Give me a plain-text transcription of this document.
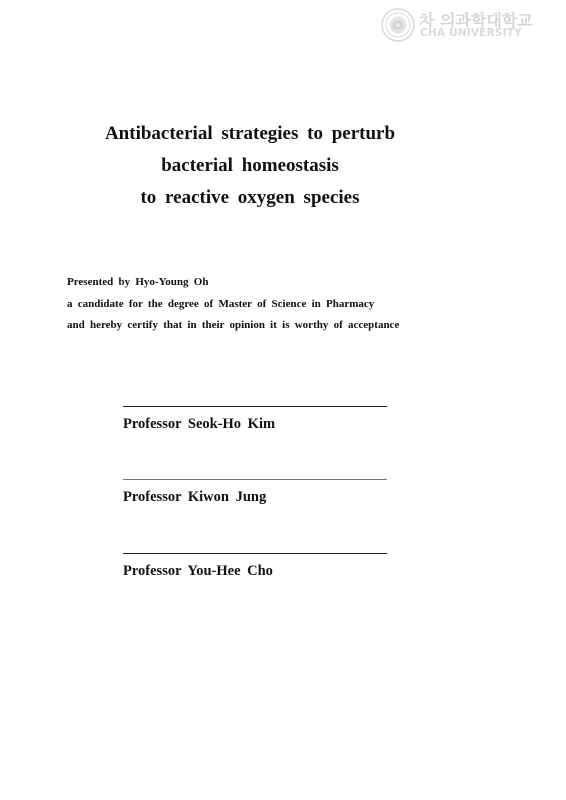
차 의과학대학교
CHA UNIVERSITY
Antibacterial strategies to perturb
bacterial homeostasis
to reactive oxygen species
Presented by Hyo-Young Oh
a candidate for the degree of Master of Science in Pharmacy
and hereby certify that in their opinion it is worthy of acceptance
Professor Seok-Ho Kim
Professor Kiwon Jung
Professor You-Hee Cho
